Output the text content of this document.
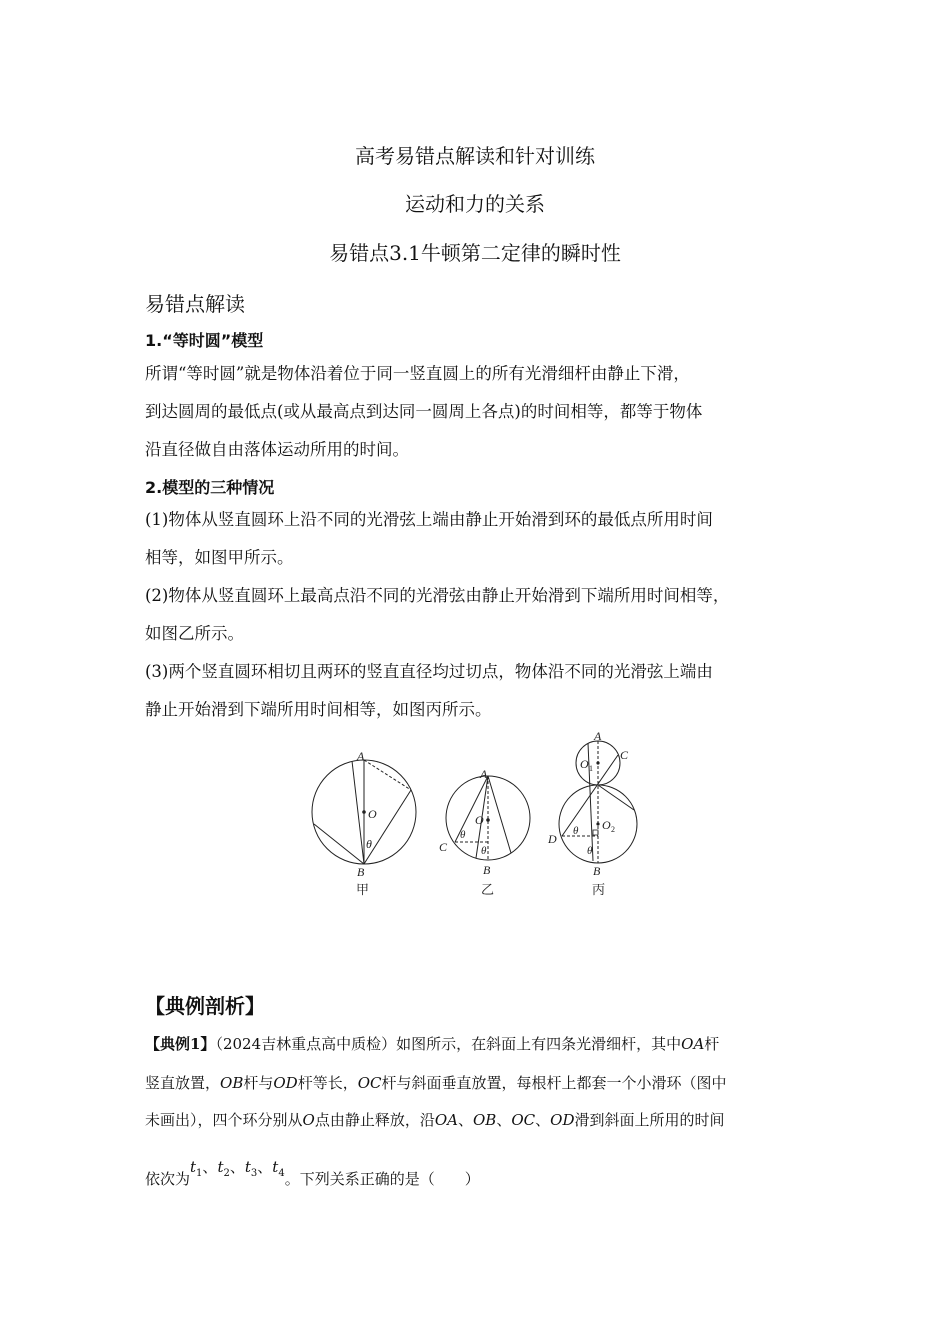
高考易错点解读和针对训练
运动和力的关系
易错点3.1牛顿第二定律的瞬时性
易错点解读
1.“等时圆”模型
所谓“等时圆”就是物体沿着位于同一竖直圆上的所有光滑细杆由静止下滑，
到达圆周的最低点(或从最高点到达同一圆周上各点)的时间相等，都等于物体
沿直径做自由落体运动所用的时间。
2.模型的三种情况
(1)物体从竖直圆环上沿不同的光滑弦上端由静止开始滑到环的最低点所用时间
相等，如图甲所示。
(2)物体从竖直圆环上最高点沿不同的光滑弦由静止开始滑到下端所用时间相等，
如图乙所示。
(3)两个竖直圆环相切且两环的竖直直径均过切点，物体沿不同的光滑弦上端由
静止开始滑到下端所用时间相等，如图丙所示。
A
O
θ
B
甲
A
O
θ
θ
C
B
乙
A
C
O 1
O 2
θ
θ
D
B
丙
【典例剖析】
【典例1】（2024吉林重点高中质检）如图所示，在斜面上有四条光滑细杆，其中OA杆
竖直放置，OB杆与OD杆等长，OC杆与斜面垂直放置，每根杆上都套一个小滑环（图中
未画出），四个环分别从O点由静止释放，沿OA、OB、OC、OD滑到斜面上所用的时间
依次为$t_1$、$t_2$、$t_3$、$t_4$。下列关系正确的是（　　）
